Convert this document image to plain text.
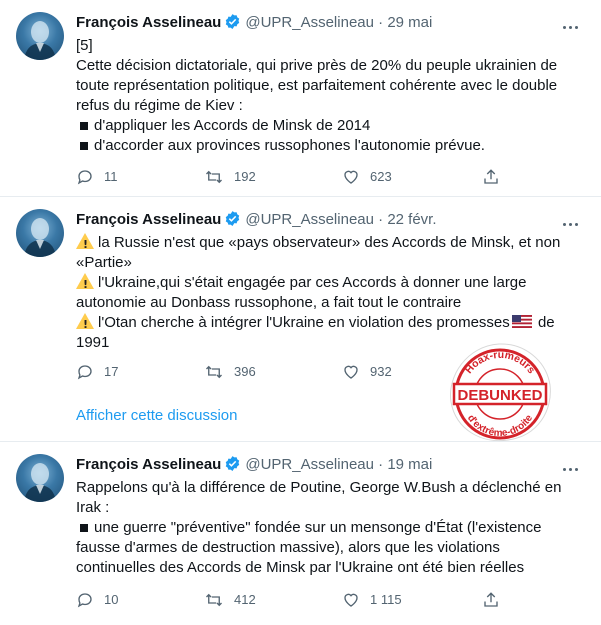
François Asselineau @UPR_Asselineau · 29 mai

[5]

Cette décision dictatoriale, qui prive près de 20% du peuple ukrainien de

toute représentation politique, est parfaitement cohérente avec le double

refus du régime de Kiev :

d'appliquer les Accords de Minsk de 2014

d'accorder aux provinces russophones l'autonomie prévue.

11	192	623
François Asselineau @UPR_Asselineau · 22 févr.

!la Russie n'est que «pays observateur» des Accords de Minsk, et non

«Partie»

!l'Ukraine,qui s'était engagée par ces Accords à donner une large

autonomie au Donbass russophone, a fait tout le contraire

!l'Otan cherche à intégrer l'Ukraine en violation des promesses de

1991

17	396	932
Afficher cette discussion
Hoax-rumeurs
d'extrême-droite
DEBUNKED
François Asselineau @UPR_Asselineau · 19 mai

Rappelons qu'à la différence de Poutine, George W.Bush a déclenché en

Irak :

une guerre "préventive" fondée sur un mensonge d'État (l'existence

fausse d'armes de destruction massive), alors que les violations

continuelles des Accords de Minsk par l'Ukraine ont été bien réelles

10	412	1 115
